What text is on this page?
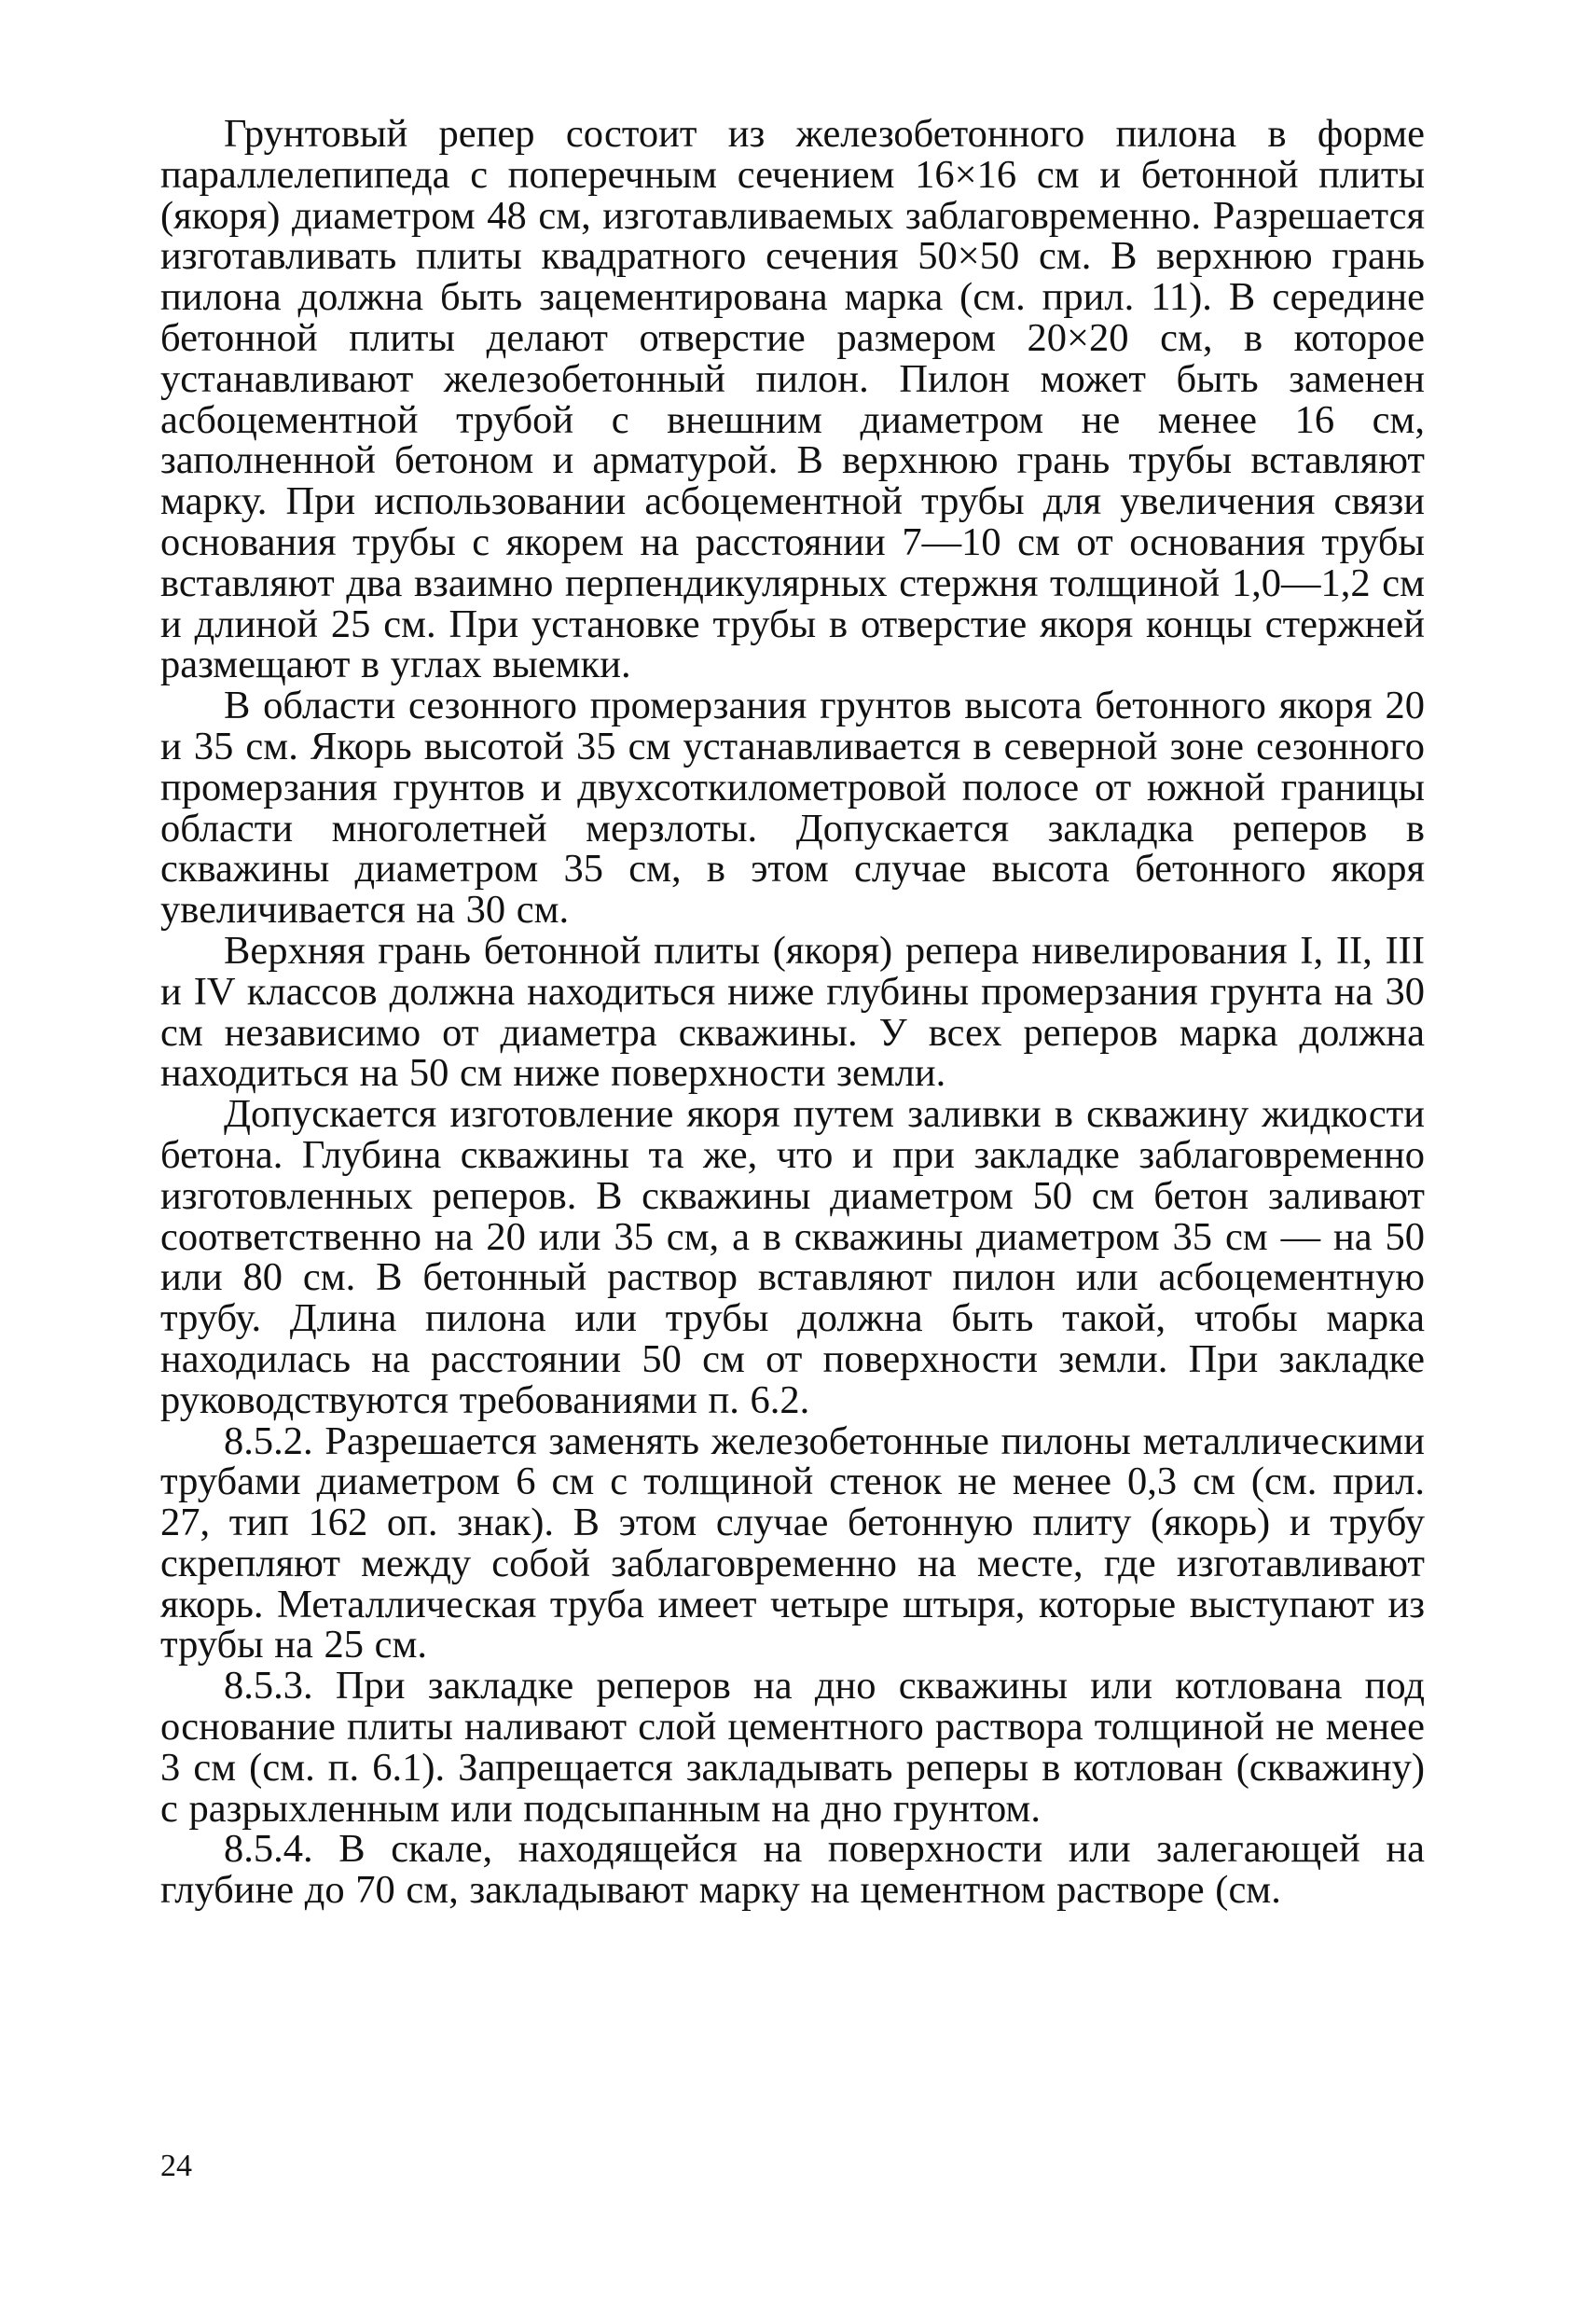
Грунтовый репер состоит из железобетонного пилона в форме параллелепипеда с поперечным сечением 16×16 см и бетонной плиты (якоря) диаметром 48 см, изготавливаемых заблаговременно. Разрешается изготавливать плиты квадратного сечения 50×50 см. В верхнюю грань пилона должна быть зацементирована марка (см. прил. 11). В середине бетонной плиты делают отверстие размером 20×20 см, в которое устанавливают железобетонный пилон. Пилон может быть заменен асбоцементной трубой с внешним диаметром не менее 16 см, заполненной бетоном и арматурой. В верхнюю грань трубы вставляют марку. При использовании асбоцементной трубы для увеличения связи основания трубы с якорем на расстоянии 7—10 см от основания трубы вставляют два взаимно перпендикулярных стержня толщиной 1,0—1,2 см и длиной 25 см. При установке трубы в отверстие якоря концы стержней размещают в углах выемки.

В области сезонного промерзания грунтов высота бетонного якоря 20 и 35 см. Якорь высотой 35 см устанавливается в северной зоне сезонного промерзания грунтов и двухсоткилометровой полосе от южной границы области многолетней мерзлоты. Допускается закладка реперов в скважины диаметром 35 см, в этом случае высота бетонного якоря увеличивается на 30 см.

Верхняя грань бетонной плиты (якоря) репера нивелирования I, II, III и IV классов должна находиться ниже глубины промерзания грунта на 30 см независимо от диаметра скважины. У всех реперов марка должна находиться на 50 см ниже поверхности земли.

Допускается изготовление якоря путем заливки в скважину жидкости бетона. Глубина скважины та же, что и при закладке заблаговременно изготовленных реперов. В скважины диаметром 50 см бетон заливают соответственно на 20 или 35 см, а в скважины диаметром 35 см — на 50 или 80 см. В бетонный раствор вставляют пилон или асбоцементную трубу. Длина пилона или трубы должна быть такой, чтобы марка находилась на расстоянии 50 см от поверхности земли. При закладке руководствуются требованиями п. 6.2.

8.5.2. Разрешается заменять железобетонные пилоны металлическими трубами диаметром 6 см с толщиной стенок не менее 0,3 см (см. прил. 27, тип 162 оп. знак). В этом случае бетонную плиту (якорь) и трубу скрепляют между собой заблаговременно на месте, где изготавливают якорь. Металлическая труба имеет четыре штыря, которые выступают из трубы на 25 см.

8.5.3. При закладке реперов на дно скважины или котлована под основание плиты наливают слой цементного раствора толщиной не менее 3 см (см. п. 6.1). Запрещается закладывать реперы в котлован (скважину) с разрыхленным или подсыпанным на дно грунтом.

8.5.4. В скале, находящейся на поверхности или залегающей на глубине до 70 см, закладывают марку на цементном растворе (см.

24
